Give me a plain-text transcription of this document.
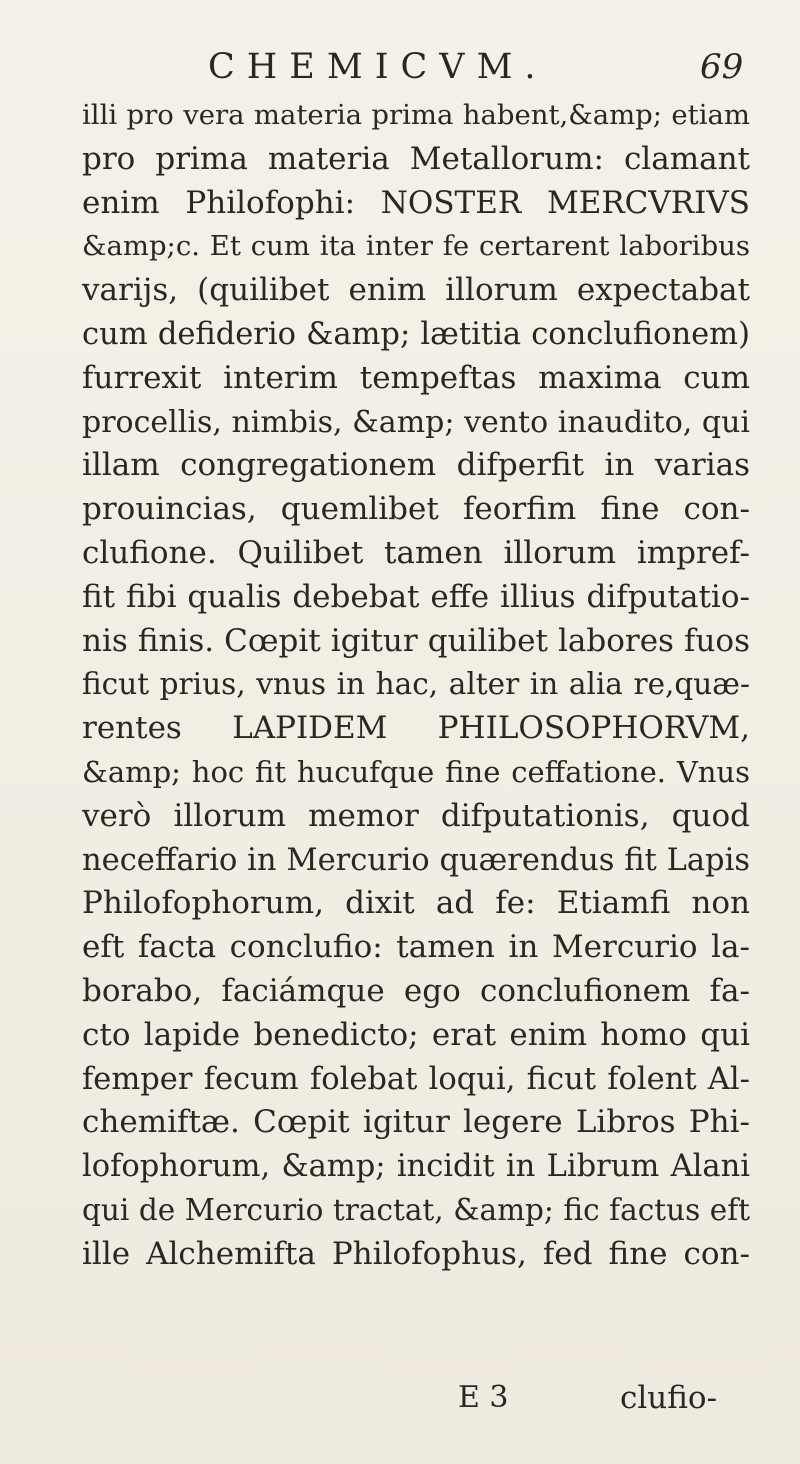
CHEMICVM.	69
illi pro vera materia prima habent,&amp; etiam
pro prima materia Metallorum: clamant
enim Philofophi: NOSTER MERCVRIVS
&amp;c. Et cum ita inter fe certarent laboribus
varijs, (quilibet enim illorum expectabat
cum defiderio &amp; lætitia conclufionem)
furrexit interim tempeftas maxima cum
procellis, nimbis, &amp; vento inaudito, qui
illam congregationem difperfit in varias
prouincias, quemlibet feorfim fine con-
clufione. Quilibet tamen illorum impref-
fit fibi qualis debebat effe illius difputatio-
nis finis. Cœpit igitur quilibet labores fuos
ficut prius, vnus in hac, alter in alia re,quæ-
rentes LAPIDEM PHILOSOPHORVM,
&amp; hoc fit hucufque fine ceffatione. Vnus
verò illorum memor difputationis, quod
neceffario in Mercurio quærendus fit Lapis
Philofophorum, dixit ad fe: Etiamfi non
eft facta conclufio: tamen in Mercurio la-
borabo, faciámque ego conclufionem fa-
cto lapide benedicto; erat enim homo qui
femper fecum folebat loqui, ficut folent Al-
chemiftæ. Cœpit igitur legere Libros Phi-
lofophorum, &amp; incidit in Librum Alani
qui de Mercurio tractat, &amp; fic factus eft
ille Alchemifta Philofophus, fed fine con-
E 3	clufio-
